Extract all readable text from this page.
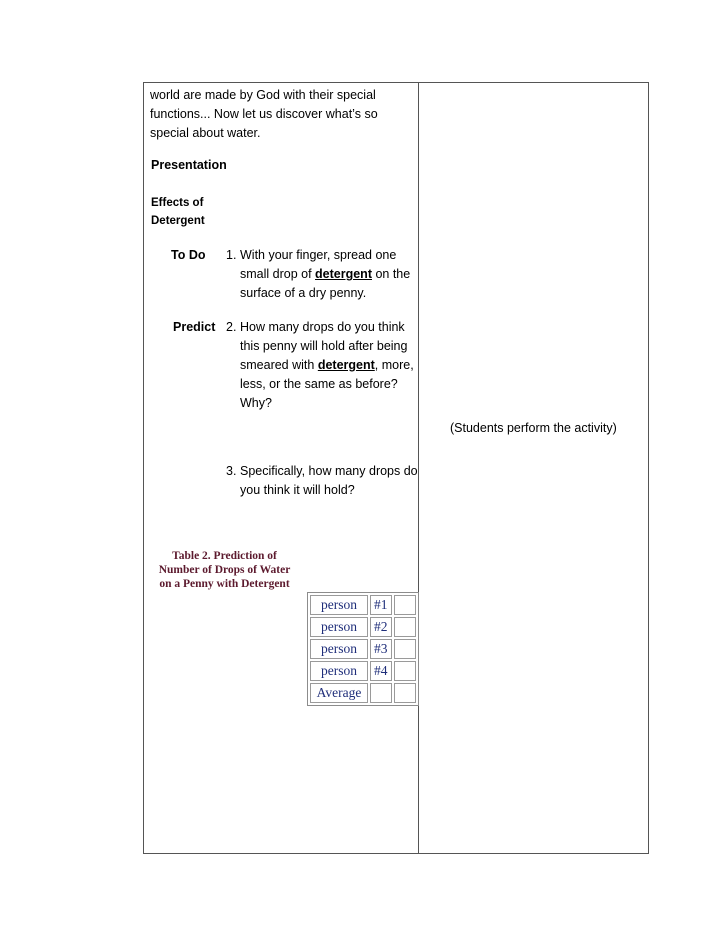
world are made by God with their special
functions... Now let us discover what’s so
special about water.
Presentation
Effects of
Detergent
To Do 1. With your finger, spread one
small drop of detergent on the
surface of a dry penny.
Predict 2. How many drops do you think
this penny will hold after being
smeared with detergent, more,
less, or the same as before?
Why?
(Students perform the activity)
3. Specifically, how many drops do
you think it will hold?
Table 2. Prediction of
Number of Drops of Water
on a Penny with Detergent
person	#1	
person	#2	
person	#3	
person	#4	
Average		
